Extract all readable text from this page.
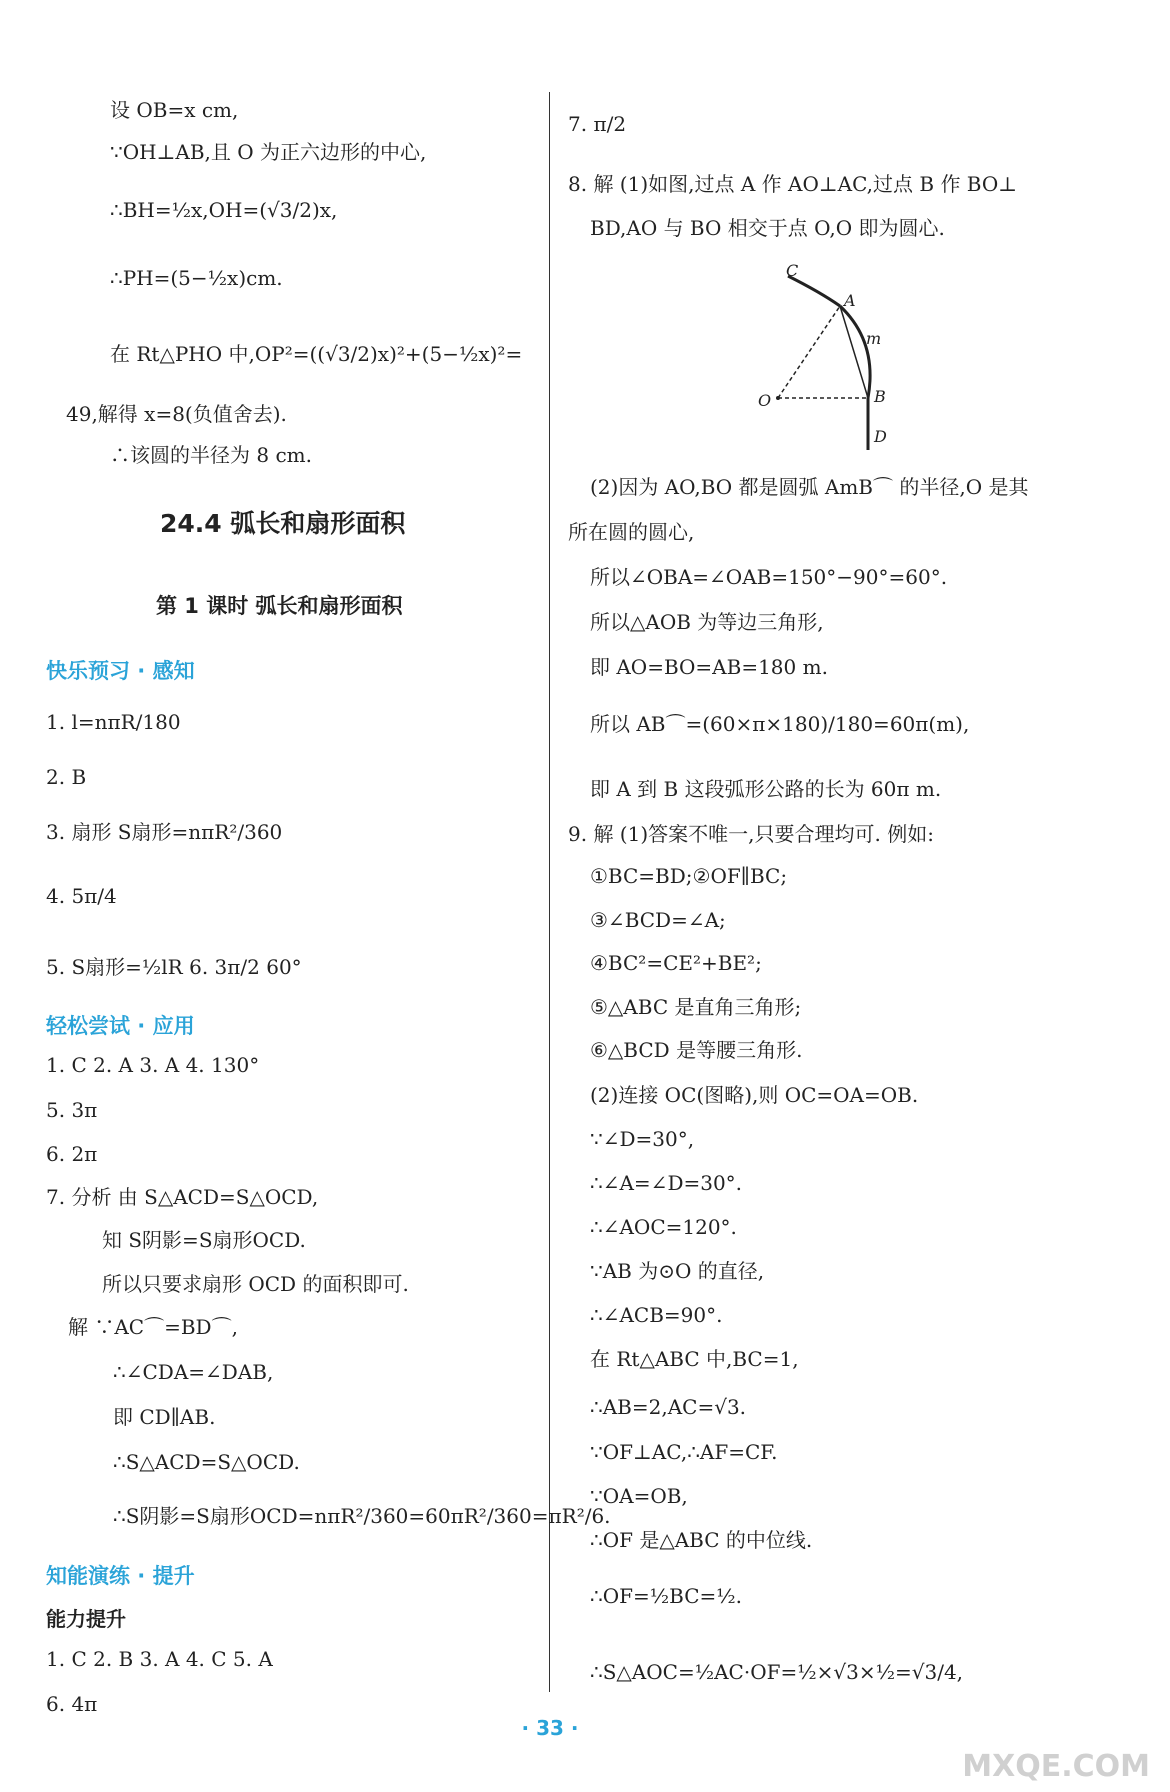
设 OB=x cm,
∵OH⊥AB,且 O 为正六边形的中心,
∴BH=½x,OH=(√3/2)x,
∴PH=(5−½x)cm.
在 Rt△PHO 中,OP²=((√3/2)x)²+(5−½x)²=
49,解得 x=8(负值舍去).
∴该圆的半径为 8 cm.
24.4 弧长和扇形面积
第 1 课时 弧长和扇形面积
快乐预习 · 感知
1. l=nπR/180
2. B
3. 扇形 S扇形=nπR²/360
4. 5π/4
5. S扇形=½lR 6. 3π/2 60°
轻松尝试 · 应用
1. C 2. A 3. A 4. 130°
5. 3π
6. 2π
7. 分析 由 S△ACD=S△OCD,
知 S阴影=S扇形OCD.
所以只要求扇形 OCD 的面积即可.
解 ∵AC⌒=BD⌒,
∴∠CDA=∠DAB,
即 CD∥AB.
∴S△ACD=S△OCD.
∴S阴影=S扇形OCD=nπR²/360=60πR²/360=πR²/6.
知能演练 · 提升
能力提升
1. C 2. B 3. A 4. C 5. A
6. 4π
7. π/2
8. 解 (1)如图,过点 A 作 AO⊥AC,过点 B 作 BO⊥
BD,AO 与 BO 相交于点 O,O 即为圆心.
C
A
m
O	B
D
(2)因为 AO,BO 都是圆弧 AmB⌒ 的半径,O 是其
所在圆的圆心,
所以∠OBA=∠OAB=150°−90°=60°.
所以△AOB 为等边三角形,
即 AO=BO=AB=180 m.
所以 AB⌒=(60×π×180)/180=60π(m),
即 A 到 B 这段弧形公路的长为 60π m.
9. 解 (1)答案不唯一,只要合理均可. 例如:
①BC=BD;②OF∥BC;
③∠BCD=∠A;
④BC²=CE²+BE²;
⑤△ABC 是直角三角形;
⑥△BCD 是等腰三角形.
(2)连接 OC(图略),则 OC=OA=OB.
∵∠D=30°,
∴∠A=∠D=30°.
∴∠AOC=120°.
∵AB 为⊙O 的直径,
∴∠ACB=90°.
在 Rt△ABC 中,BC=1,
∴AB=2,AC=√3.
∵OF⊥AC,∴AF=CF.
∵OA=OB,
∴OF 是△ABC 的中位线.
∴OF=½BC=½.
∴S△AOC=½AC·OF=½×√3×½=√3/4,
· 33 ·
MXQE.COM
